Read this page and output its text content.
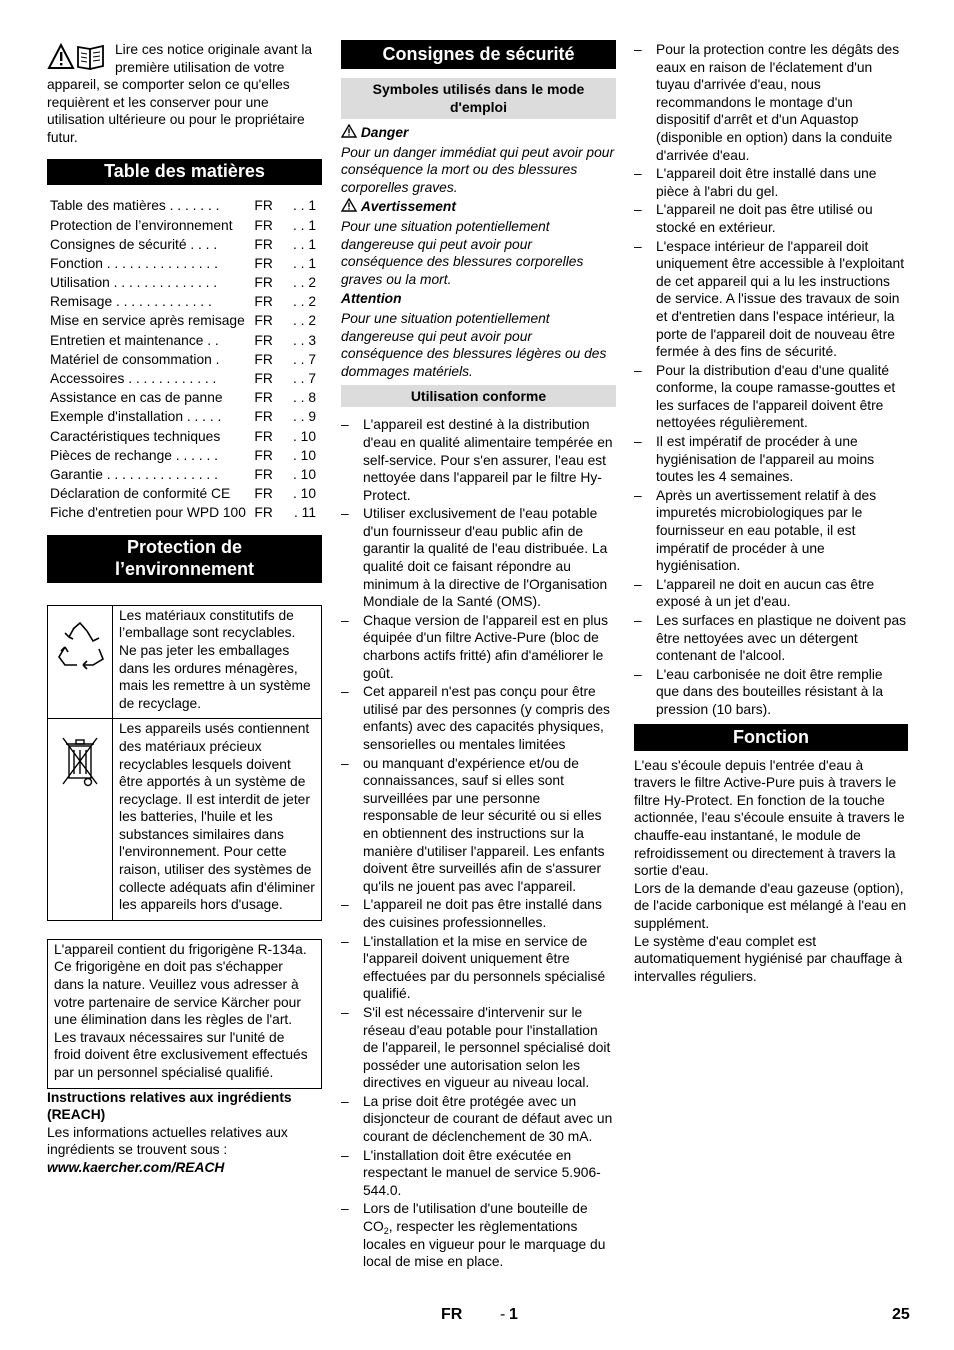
Lire ces notice originale avant la première utilisation de votre appareil, se comporter selon ce qu'elles requièrent et les conserver pour une utilisation ultérieure ou pour le propriétaire futur.

Table des matières
Table des matières . . . . . . .	FR	. . 1
Protection de l’environnement	FR	. . 1
Consignes de sécurité . . . .	FR	. . 1
Fonction . . . . . . . . . . . . . . .	FR	. . 1
Utilisation . . . . . . . . . . . . . .	FR	. . 2
Remisage . . . . . . . . . . . . .	FR	. . 2
Mise en service après remisage	FR	. . 2
Entretien et maintenance . .	FR	. . 3
Matériel de consommation .	FR	. . 7
Accessoires . . . . . . . . . . . .	FR	. . 7
Assistance en cas de panne	FR	. . 8
Exemple d'installation . . . . .	FR	. . 9
Caractéristiques techniques	FR	. 10
Pièces de rechange . . . . . .	FR	. 10
Garantie . . . . . . . . . . . . . . .	FR	. 10
Déclaration de conformité CE	FR	. 10
Fiche d'entretien pour WPD 100	FR	. 11
Protection de l’environnement
	Les matériaux constitutifs de l’emballage sont recyclables. Ne pas jeter les emballages dans les ordures ménagères, mais les remettre à un système de recyclage.
	Les appareils usés contiennent des matériaux précieux recyclables lesquels doivent être apportés à un système de recyclage. Il est interdit de jeter les batteries, l'huile et les substances similaires dans l'environnement. Pour cette raison, utiliser des systèmes de collecte adéquats afin d'éliminer les appareils hors d'usage.

L'appareil contient du frigorigène R-134a. Ce frigorigène en doit pas s'échapper dans la nature. Veuillez vous adresser à votre partenaire de service Kärcher pour une élimination dans les règles de l'art. Les travaux nécessaires sur l'unité de froid doivent être exclusivement effectués par un personnel spécialisé qualifié.

Instructions relatives aux ingrédients (REACH)

Les informations actuelles relatives aux ingrédients se trouvent sous :

www.kaercher.com/REACH

Consignes de sécurité
Symboles utilisés dans le mode d'emploi

Danger

Pour un danger immédiat qui peut avoir pour conséquence la mort ou des blessures corporelles graves.

Avertissement

Pour une situation potentiellement dangereuse qui peut avoir pour conséquence des blessures corporelles graves ou la mort.

Attention

Pour une situation potentiellement dangereuse qui peut avoir pour conséquence des blessures légères ou des dommages matériels.

Utilisation conforme
– L'appareil est destiné à la distribution d'eau en qualité alimentaire tempérée en self-service. Pour s'en assurer, l'eau est nettoyée dans l'appareil par le filtre Hy-Protect.
– Utiliser exclusivement de l'eau potable d'un fournisseur d'eau public afin de garantir la qualité de l'eau distribuée. La qualité doit ce faisant répondre au minimum à la directive de l'Organisation Mondiale de la Santé (OMS).
– Chaque version de l'appareil est en plus équipée d'un filtre Active-Pure (bloc de charbons actifs fritté) afin d'améliorer le goût.
– Cet appareil n'est pas conçu pour être utilisé par des personnes (y compris des enfants) avec des capacités physiques, sensorielles ou mentales limitées
– ou manquant d'expérience et/ou de connaissances, sauf si elles sont surveillées par une personne responsable de leur sécurité ou si elles en obtiennent des instructions sur la manière d'utiliser l'appareil. Les enfants doivent être surveillés afin de s'assurer qu'ils ne jouent pas avec l'appareil.
– L'appareil ne doit pas être installé dans des cuisines professionnelles.
– L'installation et la mise en service de l'appareil doivent uniquement être effectuées par du personnels spécialisé qualifié.
– S'il est nécessaire d'intervenir sur le réseau d'eau potable pour l'installation de l'appareil, le personnel spécialisé doit posséder une autorisation selon les directives en vigueur au niveau local.
– La prise doit être protégée avec un disjoncteur de courant de défaut avec un courant de déclenchement de 30 mA.
– L'installation doit être exécutée en respectant le manuel de service 5.906-544.0.
– Lors de l'utilisation d'une bouteille de $CO_2$, respecter les règlementations locales en vigueur pour le marquage du local de mise en place.
– Pour la protection contre les dégâts des eaux en raison de l'éclatement d'un tuyau d'arrivée d'eau, nous recommandons le montage d'un dispositif d'arrêt et d'un Aquastop (disponible en option) dans la conduite d'arrivée d'eau.
– L'appareil doit être installé dans une pièce à l'abri du gel.
– L'appareil ne doit pas être utilisé ou stocké en extérieur.
– L'espace intérieur de l'appareil doit uniquement être accessible à l'exploitant de cet appareil qui a lu les instructions de service. A l'issue des travaux de soin et d'entretien dans l'espace intérieur, la porte de l'appareil doit de nouveau être fermée à des fins de sécurité.
– Pour la distribution d'eau d'une qualité conforme, la coupe ramasse-gouttes et les surfaces de l'appareil doivent être nettoyées régulièrement.
– Il est impératif de procéder à une hygiénisation de l'appareil au moins toutes les 4 semaines.
– Après un avertissement relatif à des impuretés microbiologiques par le fournisseur en eau potable, il est impératif de procéder à une hygiénisation.
– L'appareil ne doit en aucun cas être exposé à un jet d'eau.
– Les surfaces en plastique ne doivent pas être nettoyées avec un détergent contenant de l'alcool.
– L'eau carbonisée ne doit être remplie que dans des bouteilles résistant à la pression (10 bars).
Fonction

L'eau s'écoule depuis l'entrée d'eau à travers le filtre Active-Pure puis à travers le filtre Hy-Protect. En fonction de la touche actionnée, l'eau s'écoule ensuite à travers le chauffe-eau instantané, le module de refroidissement ou directement à travers la sortie d'eau.

Lors de la demande d'eau gazeuse (option), de l'acide carbonique est mélangé à l'eau en supplément.

Le système d'eau complet est automatiquement hygiénisé par chauffage à intervalles réguliers.

FR - 1	25
